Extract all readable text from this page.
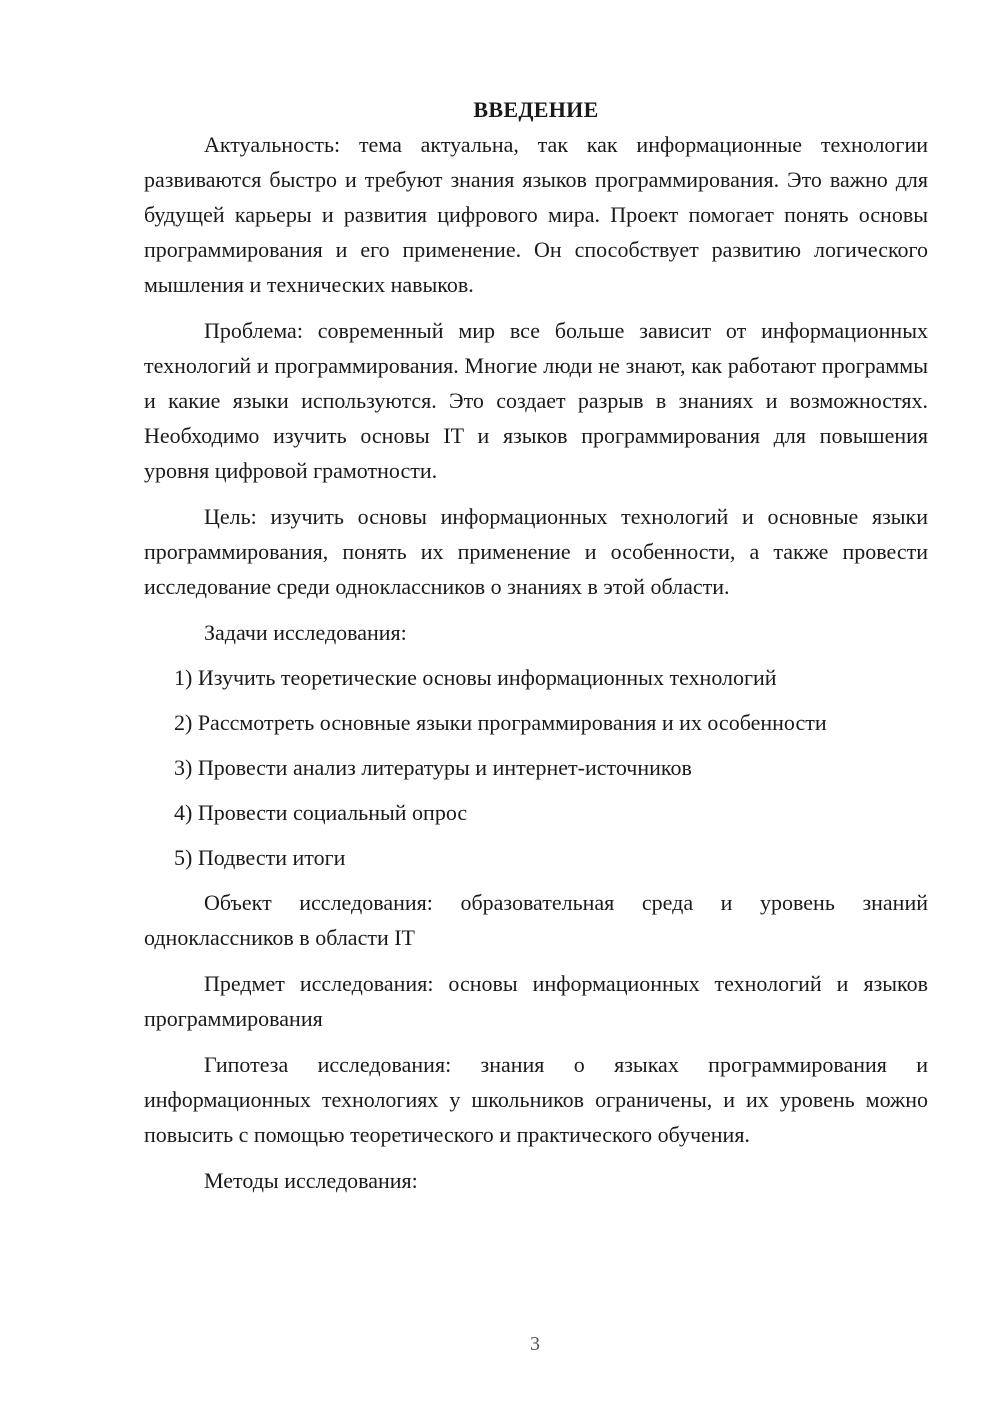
ВВЕДЕНИЕ

Актуальность: тема актуальна, так как информационные технологии развиваются быстро и требуют знания языков программирования. Это важно для будущей карьеры и развития цифрового мира. Проект помогает понять основы программирования и его применение. Он способствует развитию логического мышления и технических навыков.

Проблема: современный мир все больше зависит от информационных технологий и программирования. Многие люди не знают, как работают программы и какие языки используются. Это создает разрыв в знаниях и возможностях. Необходимо изучить основы IT и языков программирования для повышения уровня цифровой грамотности.

Цель: изучить основы информационных технологий и основные языки программирования, понять их применение и особенности, а также провести исследование среди одноклассников о знаниях в этой области.

Задачи исследования:

1) Изучить теоретические основы информационных технологий
2) Рассмотреть основные языки программирования и их особенности
3) Провести анализ литературы и интернет-источников
4) Провести социальный опрос
5) Подвести итоги

Объект исследования: образовательная среда и уровень знаний одноклассников в области IT

Предмет исследования: основы информационных технологий и языков программирования

Гипотеза исследования: знания о языках программирования и информационных технологиях у школьников ограничены, и их уровень можно повысить с помощью теоретического и практического обучения.

Методы исследования:

3
